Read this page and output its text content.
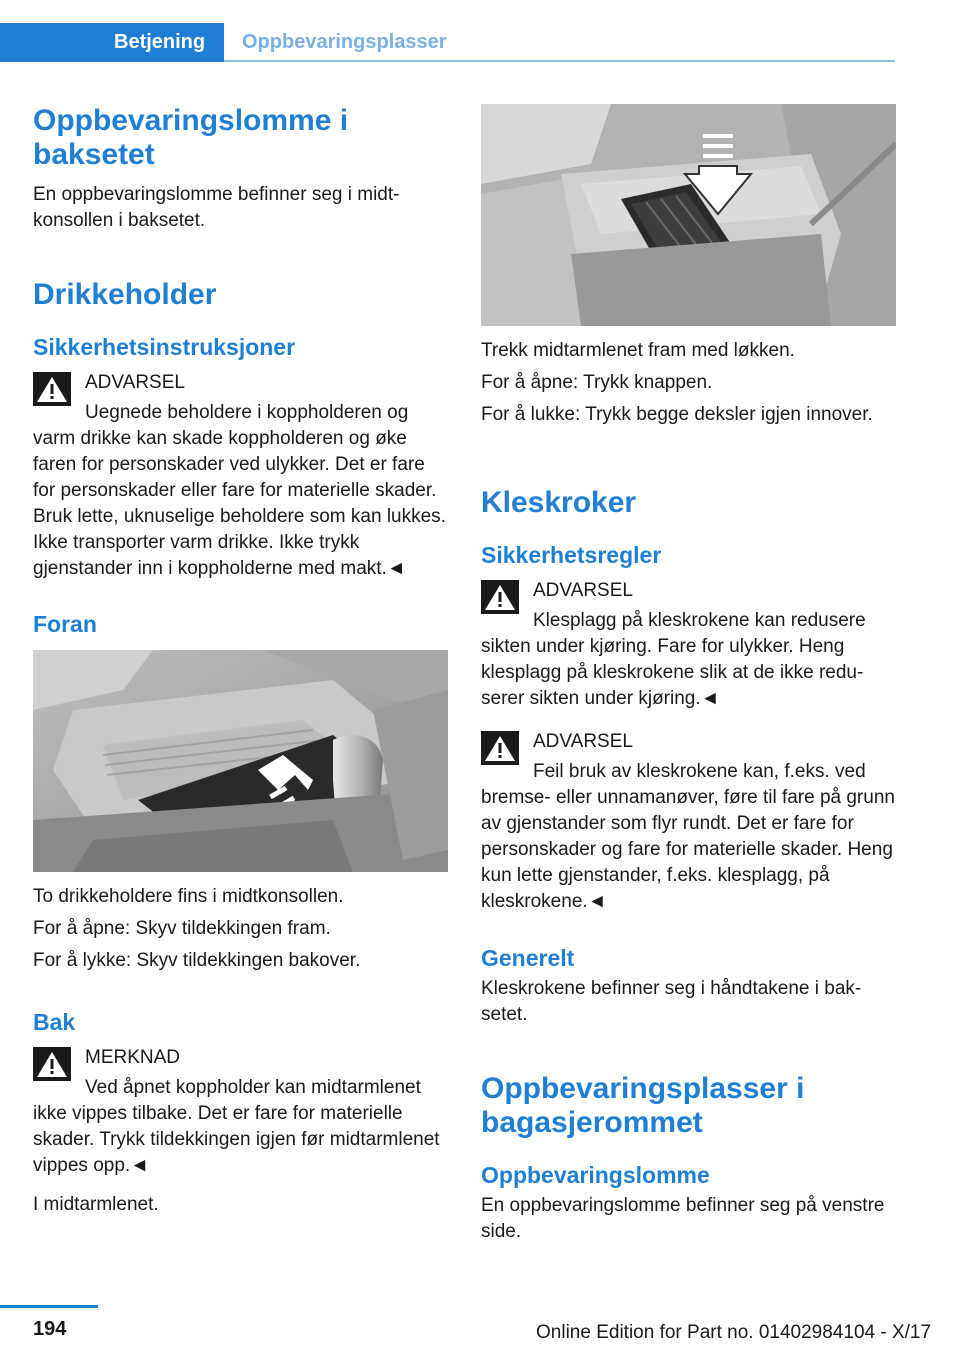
Betjening Oppbevaringsplasser
Oppbevaringslomme i baksetet
En oppbevaringslomme befinner seg i midtkonsollen i baksetet.
Drikkeholder
Sikkerhetsinstruksjoner
ADVARSEL
Uegnede beholdere i koppholderen og varm drikke kan skade koppholderen og øke faren for personskader ved ulykker. Det er fare for personskader eller fare for materielle skader. Bruk lette, uknuselige beholdere som kan lukkes. Ikke transporter varm drikke. Ikke trykk gjenstander inn i koppholderne med makt.◄
Foran
To drikkeholdere fins i midtkonsollen.
For å åpne: Skyv tildekkingen fram.
For å lykke: Skyv tildekkingen bakover.
Bak
MERKNAD
Ved åpnet koppholder kan midtarmlenet ikke vippes tilbake. Det er fare for materielle skader. Trykk tildekkingen igjen før midtarmlenet vippes opp.◄
I midtarmlenet.
Trekk midtarmlenet fram med løkken.
For å åpne: Trykk knappen.
For å lukke: Trykk begge deksler igjen innover.
Kleskroker
Sikkerhetsregler
ADVARSEL
Klesplagg på kleskrokene kan redusere sikten under kjøring. Fare for ulykker. Heng klesplagg på kleskrokene slik at de ikke reduserer sikten under kjøring.◄
ADVARSEL
Feil bruk av kleskrokene kan, f.eks. ved bremse- eller unnamanøver, føre til fare på grunn av gjenstander som flyr rundt. Det er fare for personskader og fare for materielle skader. Heng kun lette gjenstander, f.eks. klesplagg, på kleskrokene.◄
Generelt
Kleskrokene befinner seg i håndtakene i baksetet.
Oppbevaringsplasser i bagasjerommet
Oppbevaringslomme
En oppbevaringslomme befinner seg på venstre side.
194	Online Edition for Part no. 01402984104 - X/17
